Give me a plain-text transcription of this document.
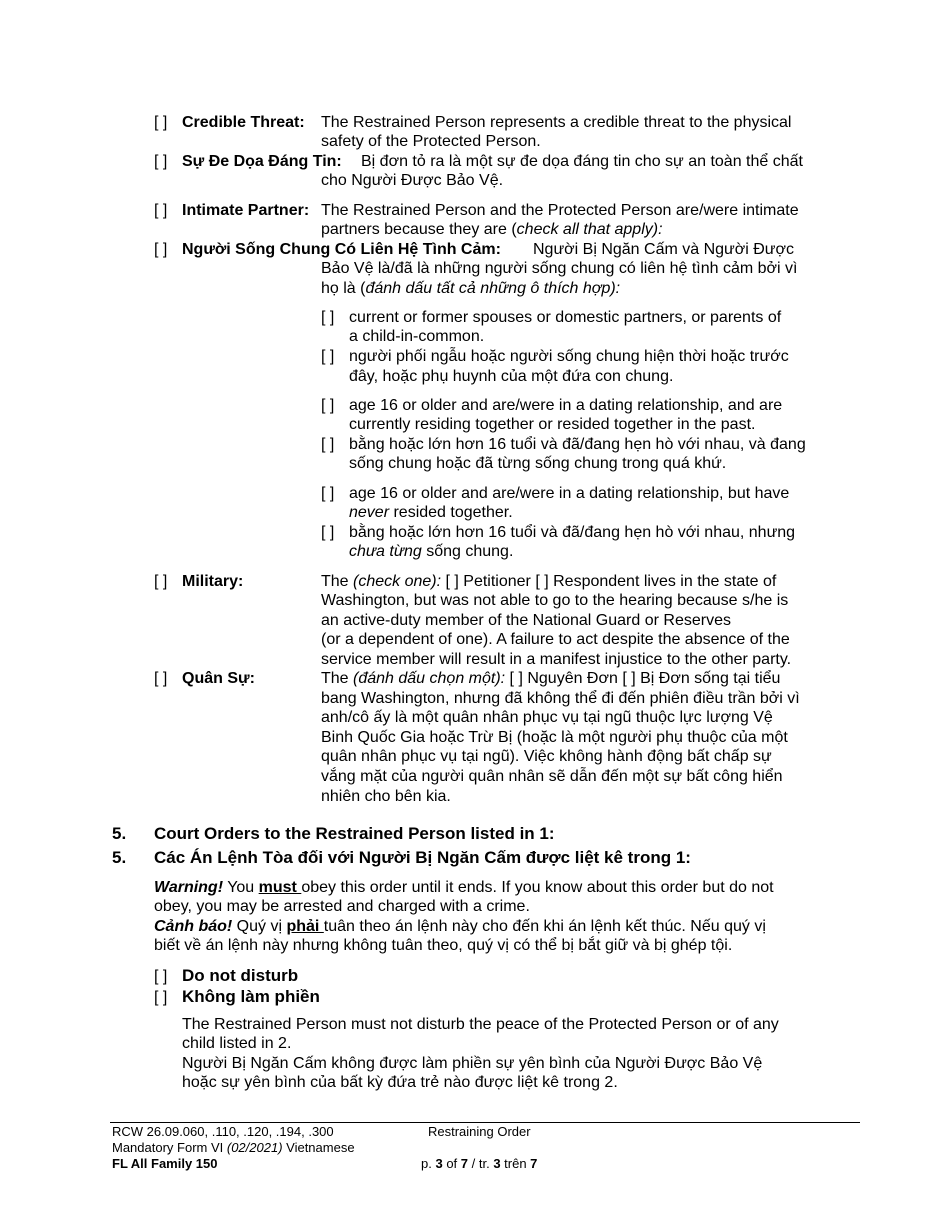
[ ] Credible Threat: The Restrained Person represents a credible threat to the physical
safety of the Protected Person.
[ ] Sự Đe Dọa Đáng Tin: Bị đơn tỏ ra là một sự đe dọa đáng tin cho sự an toàn thể chất
cho Người Được Bảo Vệ.
[ ] Intimate Partner: The Restrained Person and the Protected Person are/were intimate
partners because they are (check all that apply):
[ ] Người Sống Chung Có Liên Hệ Tình Cảm: Người Bị Ngăn Cấm và Người Được
Bảo Vệ là/đã là những người sống chung có liên hệ tình cảm bởi vì
họ là (đánh dấu tất cả những ô thích hợp):
[ ] current or former spouses or domestic partners, or parents of
a child-in-common.
[ ] người phối ngẫu hoặc người sống chung hiện thời hoặc trước
đây, hoặc phụ huynh của một đứa con chung.
[ ] age 16 or older and are/were in a dating relationship, and are
currently residing together or resided together in the past.
[ ] bằng hoặc lớn hơn 16 tuổi và đã/đang hẹn hò với nhau, và đang
sống chung hoặc đã từng sống chung trong quá khứ.
[ ] age 16 or older and are/were in a dating relationship, but have
never resided together.
[ ] bằng hoặc lớn hơn 16 tuổi và đã/đang hẹn hò với nhau, nhưng
chưa từng sống chung.
[ ] Military:	The (check one): [ ] Petitioner [ ] Respondent lives in the state of
Washington, but was not able to go to the hearing because s/he is
an active-duty member of the National Guard or Reserves
(or a dependent of one). A failure to act despite the absence of the
service member will result in a manifest injustice to the other party.
[ ] Quân Sự:	The (đánh dấu chọn một): [ ] Nguyên Đơn [ ] Bị Đơn sống tại tiểu
bang Washington, nhưng đã không thể đi đến phiên điều trần bởi vì
anh/cô ấy là một quân nhân phục vụ tại ngũ thuộc lực lượng Vệ
Binh Quốc Gia hoặc Trừ Bị (hoặc là một người phụ thuộc của một
quân nhân phục vụ tại ngũ). Việc không hành động bất chấp sự
vắng mặt của người quân nhân sẽ dẫn đến một sự bất công hiển
nhiên cho bên kia.
5. Court Orders to the Restrained Person listed in 1:
5. Các Án Lệnh Tòa đối với Người Bị Ngăn Cấm được liệt kê trong 1:
Warning! You must obey this order until it ends. If you know about this order but do not
obey, you may be arrested and charged with a crime.
Cảnh báo! Quý vị phải tuân theo án lệnh này cho đến khi án lệnh kết thúc. Nếu quý vị
biết về án lệnh này nhưng không tuân theo, quý vị có thể bị bắt giữ và bị ghép tội.
[ ] Do not disturb
[ ] Không làm phiền
The Restrained Person must not disturb the peace of the Protected Person or of any
child listed in 2.
Người Bị Ngăn Cấm không được làm phiền sự yên bình của Người Được Bảo Vệ
hoặc sự yên bình của bất kỳ đứa trẻ nào được liệt kê trong 2.
RCW 26.09.060, .110, .120, .194, .300
Mandatory Form VI (02/2021) Vietnamese
FL All Family 150
Restraining Order
p. 3 of 7 / tr. 3 trên 7
